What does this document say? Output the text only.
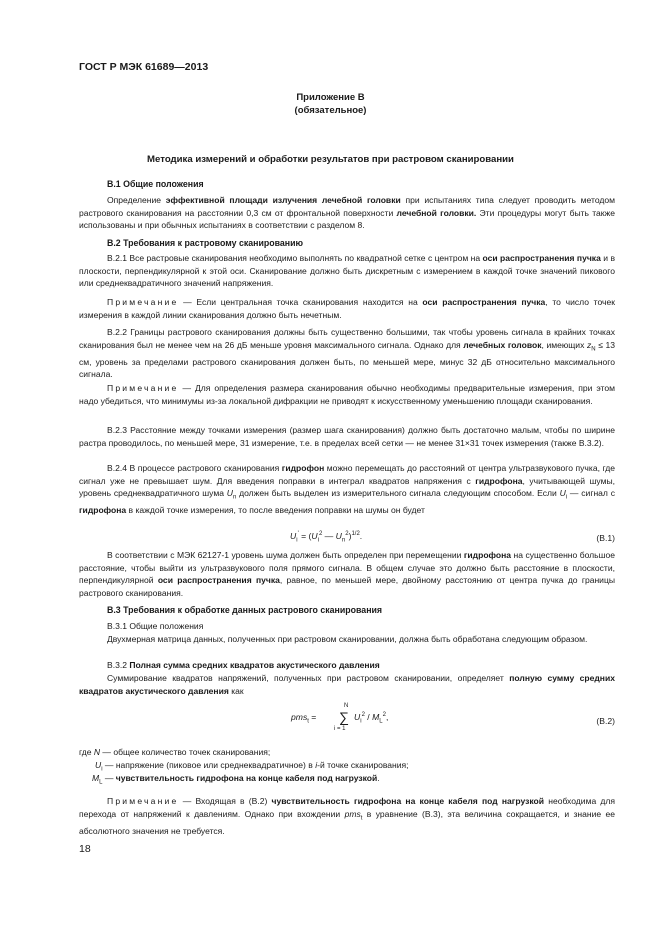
ГОСТ Р МЭК 61689—2013
Приложение В
(обязательное)
Методика измерений и обработки результатов при растровом сканировании
В.1 Общие положения

Определение эффективной площади излучения лечебной головки при испытаниях типа следует проводить методом растрового сканирования на расстоянии 0,3 см от фронтальной поверхности лечебной головки. Эти процедуры могут быть также использованы и при обычных испытаниях в соответствии с разделом 8.

В.2 Требования к растровому сканированию

В.2.1 Все растровые сканирования необходимо выполнять по квадратной сетке с центром на оси распространения пучка и в плоскости, перпендикулярной к этой оси. Сканирование должно быть дискретным с измерением в каждой точке значений пикового или среднеквадратичного значений напряжения.

Примечание — Если центральная точка сканирования находится на оси распространения пучка, то число точек измерения в каждой линии сканирования должно быть нечетным.

В.2.2 Границы растрового сканирования должны быть существенно большими, так чтобы уровень сигнала в крайних точках сканирования был не менее чем на 26 дБ меньше уровня максимального сигнала. Однако для лечебных головок, имеющих $z_N \le 13$ см, уровень за пределами растрового сканирования должен быть, по меньшей мере, минус 32 дБ относительно максимального сигнала.

Примечание — Для определения размера сканирования обычно необходимы предварительные измерения, при этом надо убедиться, что минимумы из-за локальной дифракции не приводят к искусственному уменьшению площади сканирования.

В.2.3 Расстояние между точками измерения (размер шага сканирования) должно быть достаточно малым, чтобы по ширине растра проводилось, по меньшей мере, 31 измерение, т.е. в пределах всей сетки — не менее 31×31 точек измерения (также В.3.2).

В.2.4 В процессе растрового сканирования гидрофон можно перемещать до расстояний от центра ультразвукового пучка, где сигнал уже не превышает шум. Для введения поправки в интеграл квадратов напряжения с гидрофона, учитывающей шумы, уровень среднеквадратичного шума $U_n$ должен быть выделен из измерительного сигнала следующим способом. Если $U_i$ — сигнал с гидрофона в каждой точке измерения, то после введения поправки на шумы он будет

$U_i' = (U_i^2$ — $U_n^2)^{1/2}$.	(В.1)

В соответствии с МЭК 62127-1 уровень шума должен быть определен при перемещении гидрофона на существенно большое расстояние, чтобы выйти из ультразвукового поля прямого сигнала. В общем случае это должно быть расстояние в плоскости, перпендикулярной оси распространения пучка, равное, по меньшей мере, двойному расстоянию от центра пучка до границы растрового сканирования.

В.3 Требования к обработке данных растрового сканирования
В.3.1 Общие положения

Двухмерная матрица данных, полученных при растровом сканировании, должна быть обработана следующим образом.

В.3.2 Полная сумма средних квадратов акустического давления

Суммирование квадратов напряжений, полученных при растровом сканировании, определяет полную сумму средних квадратов акустического давления как

pms$_t$ =
N
∑
i = 1
$U_i^2 / M_L^2$,	(В.2)
где N — общее количество точек сканирования;
$U_i$ — напряжение (пиковое или среднеквадратичное) в i-й точке сканирования;
$M_L$ — чувствительность гидрофона на конце кабеля под нагрузкой.

Примечание — Входящая в (В.2) чувствительность гидрофона на конце кабеля под нагрузкой необходима для перехода от напряжений к давлениям. Однако при вхождении pms$_t$ в уравнение (В.3), эта величина сокращается, и знание ее абсолютного значения не требуется.

18
